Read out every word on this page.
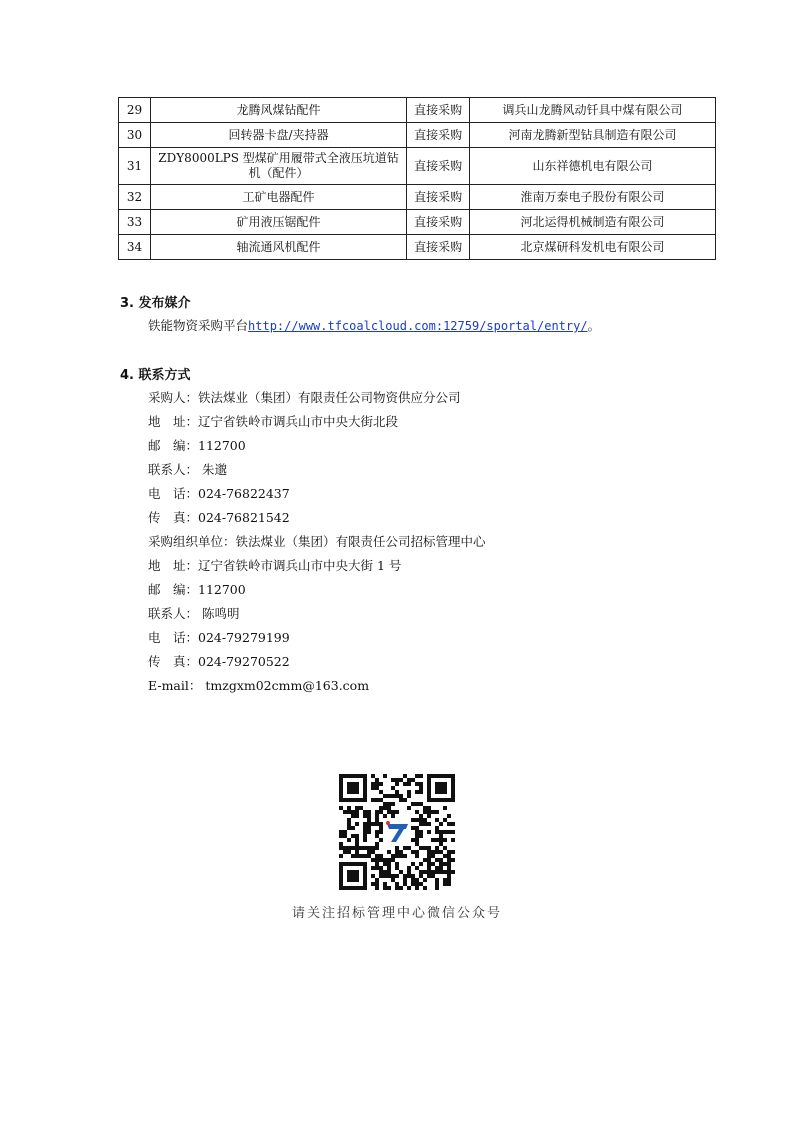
29	龙腾风煤钻配件	直接采购	调兵山龙腾风动钎具中煤有限公司
30	回转器卡盘/夹持器	直接采购	河南龙腾新型钻具制造有限公司
31	ZDY8000LPS 型煤矿用履带式全液压坑道钻机（配件）	直接采购	山东祥德机电有限公司
32	工矿电器配件	直接采购	淮南万泰电子股份有限公司
33	矿用液压锯配件	直接采购	河北运得机械制造有限公司
34	轴流通风机配件	直接采购	北京煤研科发机电有限公司
3. 发布媒介
铁能物资采购平台http://www.tfcoalcloud.com:12759/sportal/entry/。
4. 联系方式
采购人：铁法煤业（集团）有限责任公司物资供应分公司
地　址：辽宁省铁岭市调兵山市中央大街北段
邮　编：112700
联系人： 朱邈
电　话：024-76822437
传　真：024-76821542
采购组织单位：铁法煤业（集团）有限责任公司招标管理中心
地　址：辽宁省铁岭市调兵山市中央大街 1 号
邮　编：112700
联系人： 陈鸣明
电　话：024-79279199
传　真：024-79270522
E-mail： tmzgxm02cmm@163.com
请关注招标管理中心微信公众号
